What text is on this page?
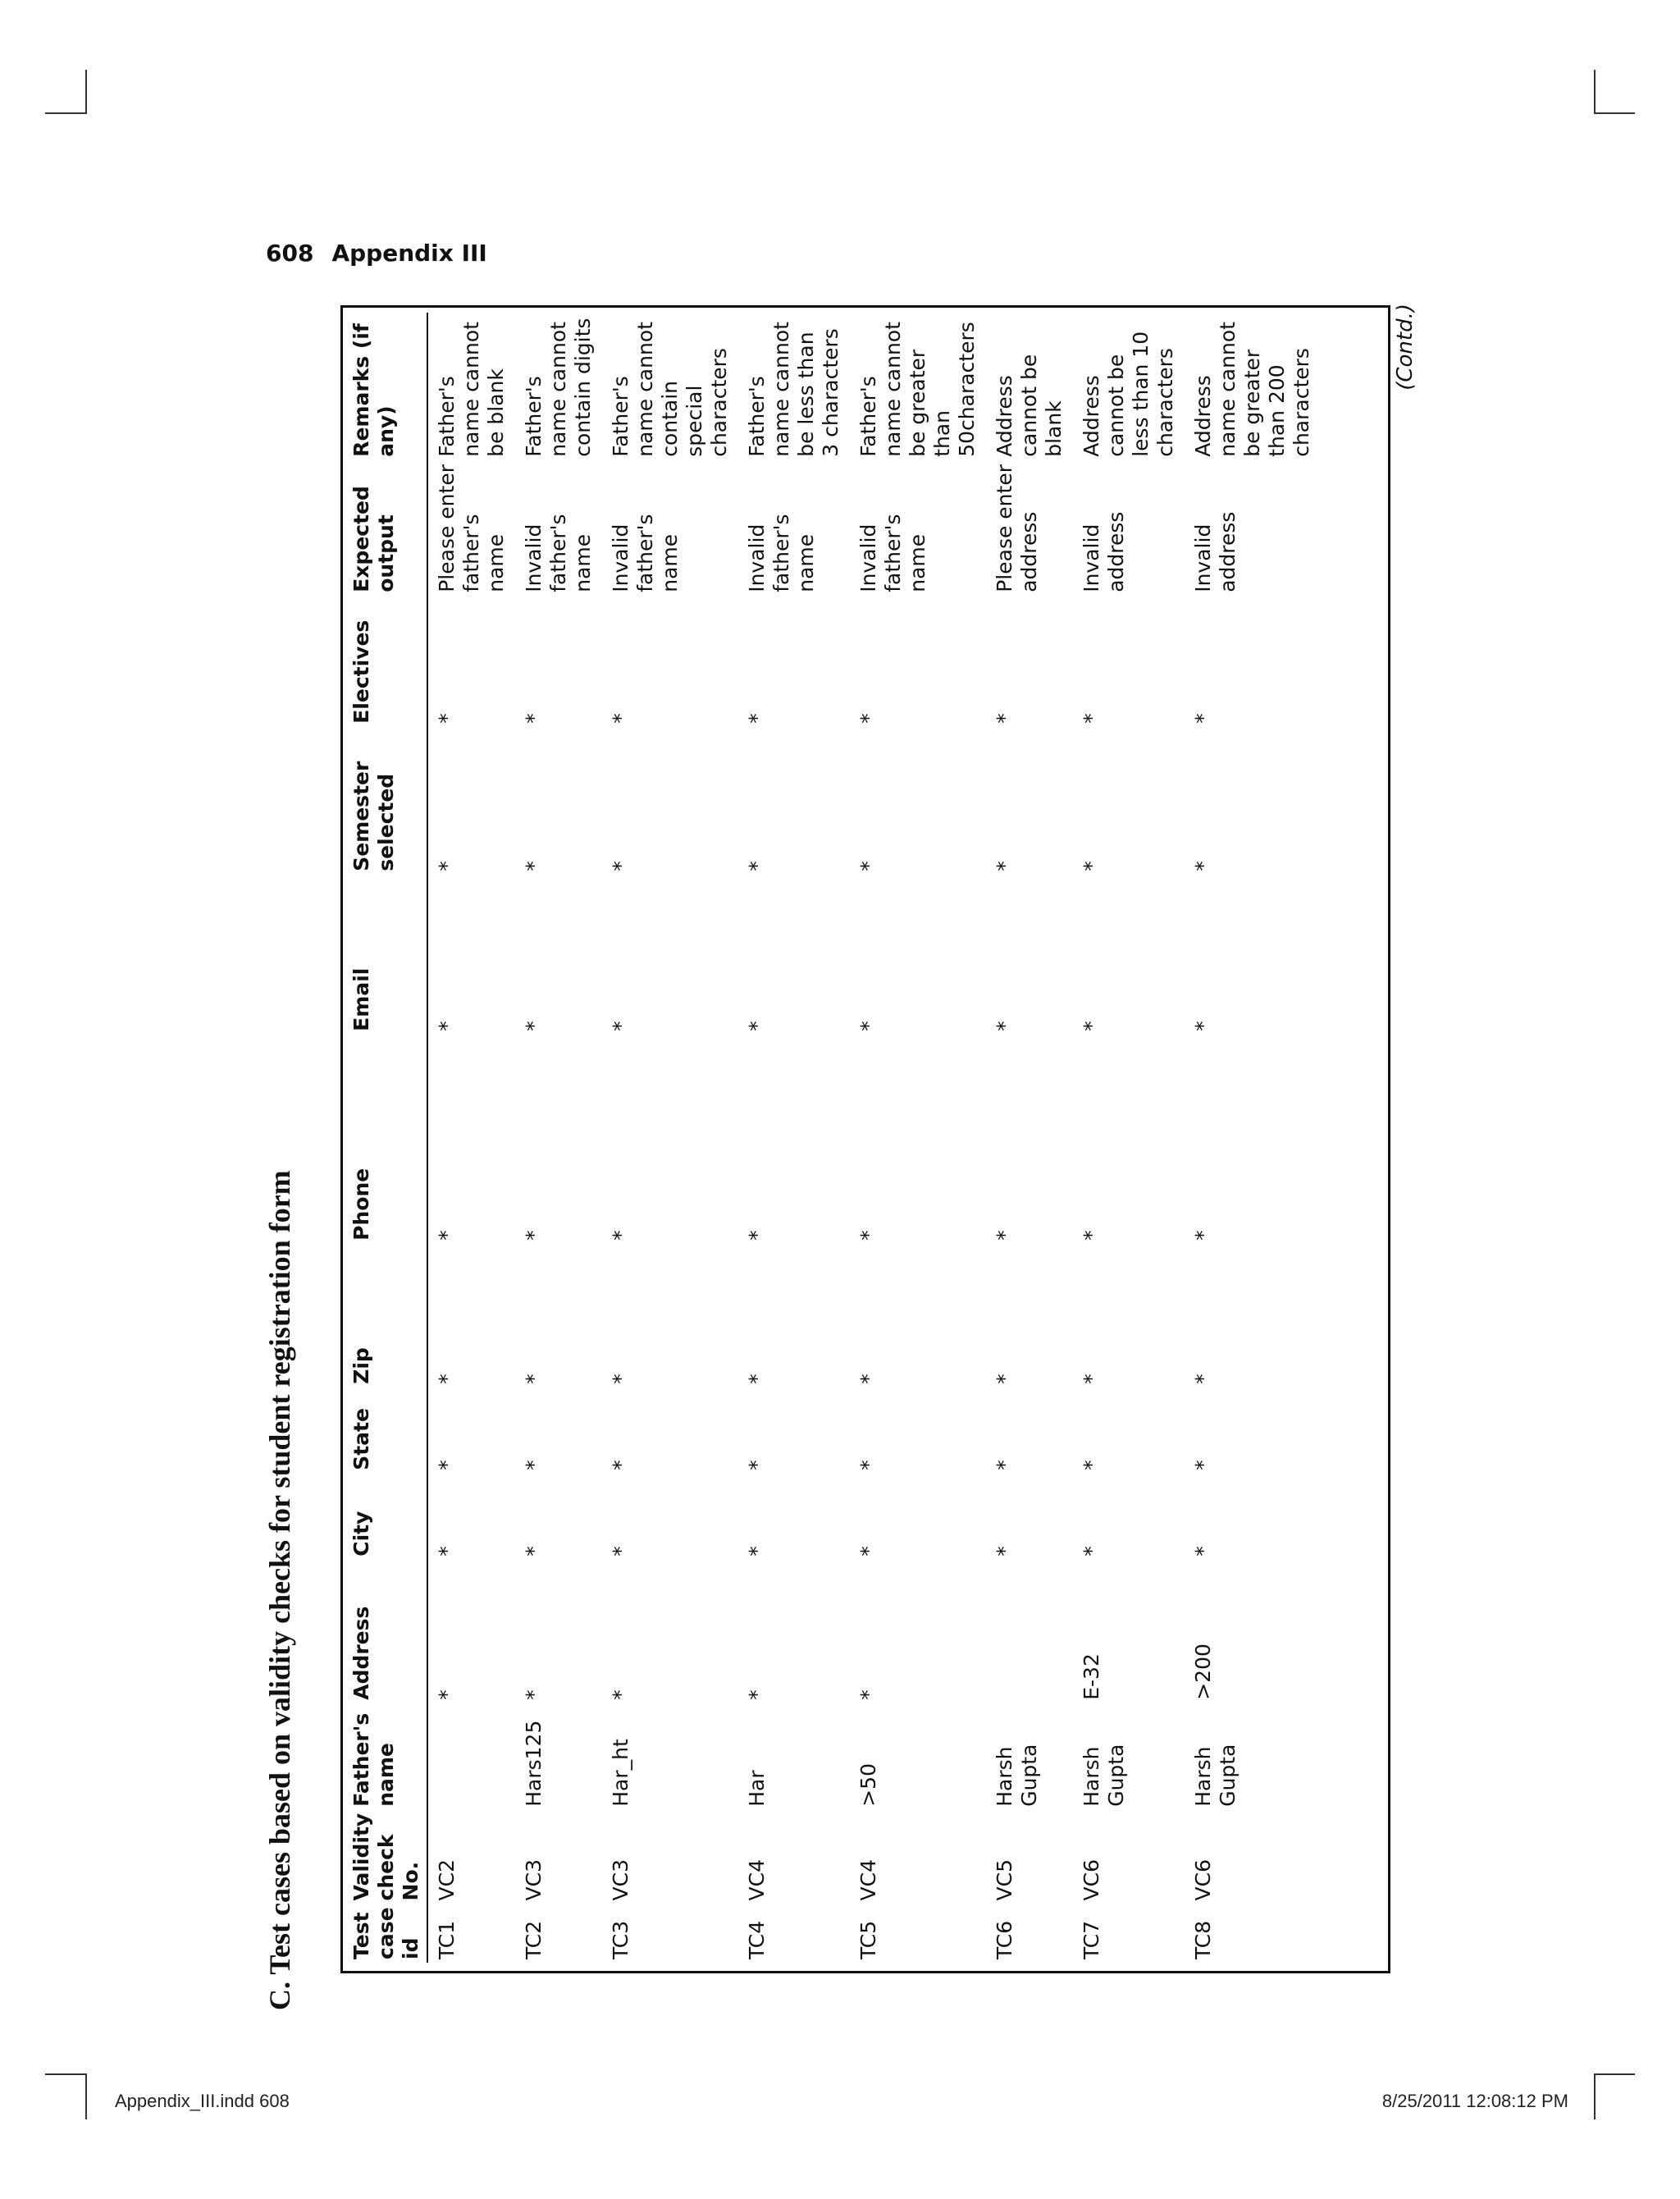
608 Appendix III
C. Test cases based on validity checks for student registration form	Test case id	Validity check No.	Father's name	Address	City	State	Zip	Phone	Email	Semester selected	Electives	Expected output	Remarks (if any)
TC1	VC2		*	*	*	*	*	*	*	*	Please enter father's name	Father's name cannot be blank
TC2	VC3	Hars125	*	*	*	*	*	*	*	*	Invalid father's name	Father's name cannot contain digits
TC3	VC3	Har_ht	*	*	*	*	*	*	*	*	Invalid father's name	Father's name cannot contain special characters
TC4	VC4	Har	*	*	*	*	*	*	*	*	Invalid father's name	Father's name cannot be less than 3 characters
TC5	VC4	>50	*	*	*	*	*	*	*	*	Invalid father's name	Father's name cannot be greater than 50characters
TC6	VC5	Harsh Gupta		*	*	*	*	*	*	*	Please enter address	Address cannot be blank
TC7	VC6	Harsh Gupta	E-32	*	*	*	*	*	*	*	Invalid address	Address cannot be less than 10 characters
TC8	VC6	Harsh Gupta	>200	*	*	*	*	*	*	*	Invalid address	Address name cannot be greater than 200 characters
(Contd.)
Appendix_III.indd 608	8/25/2011 12:08:12 PM
